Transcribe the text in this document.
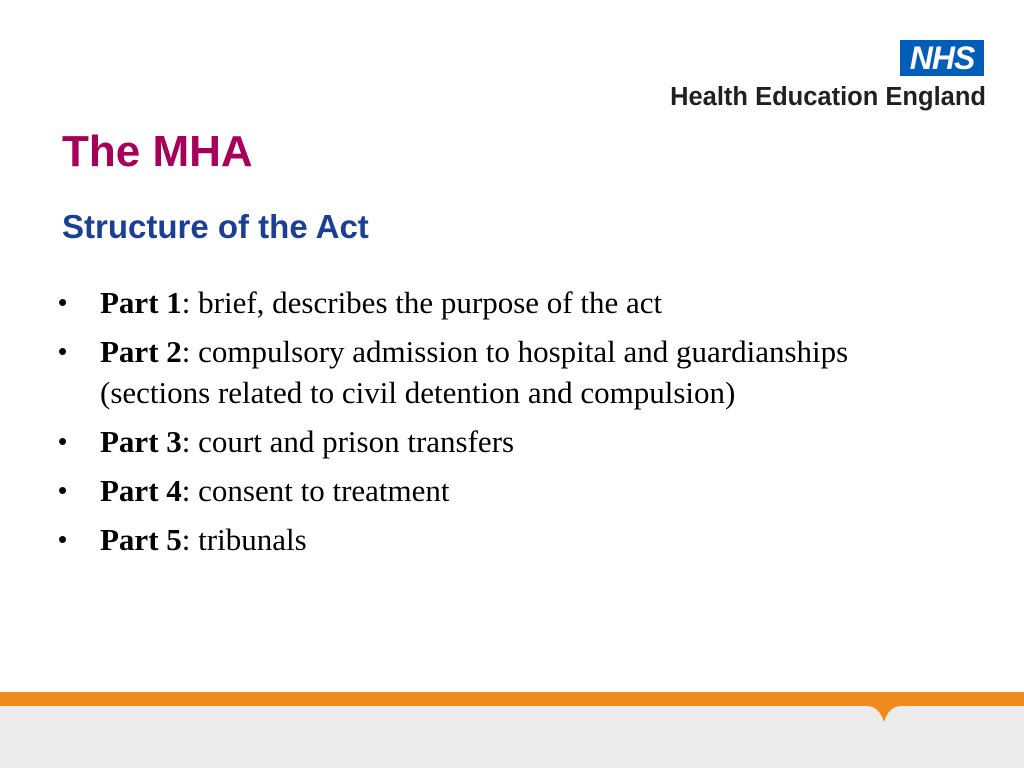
NHS
Health Education England
The MHA
Structure of the Act
• Part 1: brief, describes the purpose of the act
• Part 2: compulsory admission to hospital and guardianships (sections related to civil detention and compulsion)
• Part 3: court and prison transfers
• Part 4: consent to treatment
• Part 5: tribunals
